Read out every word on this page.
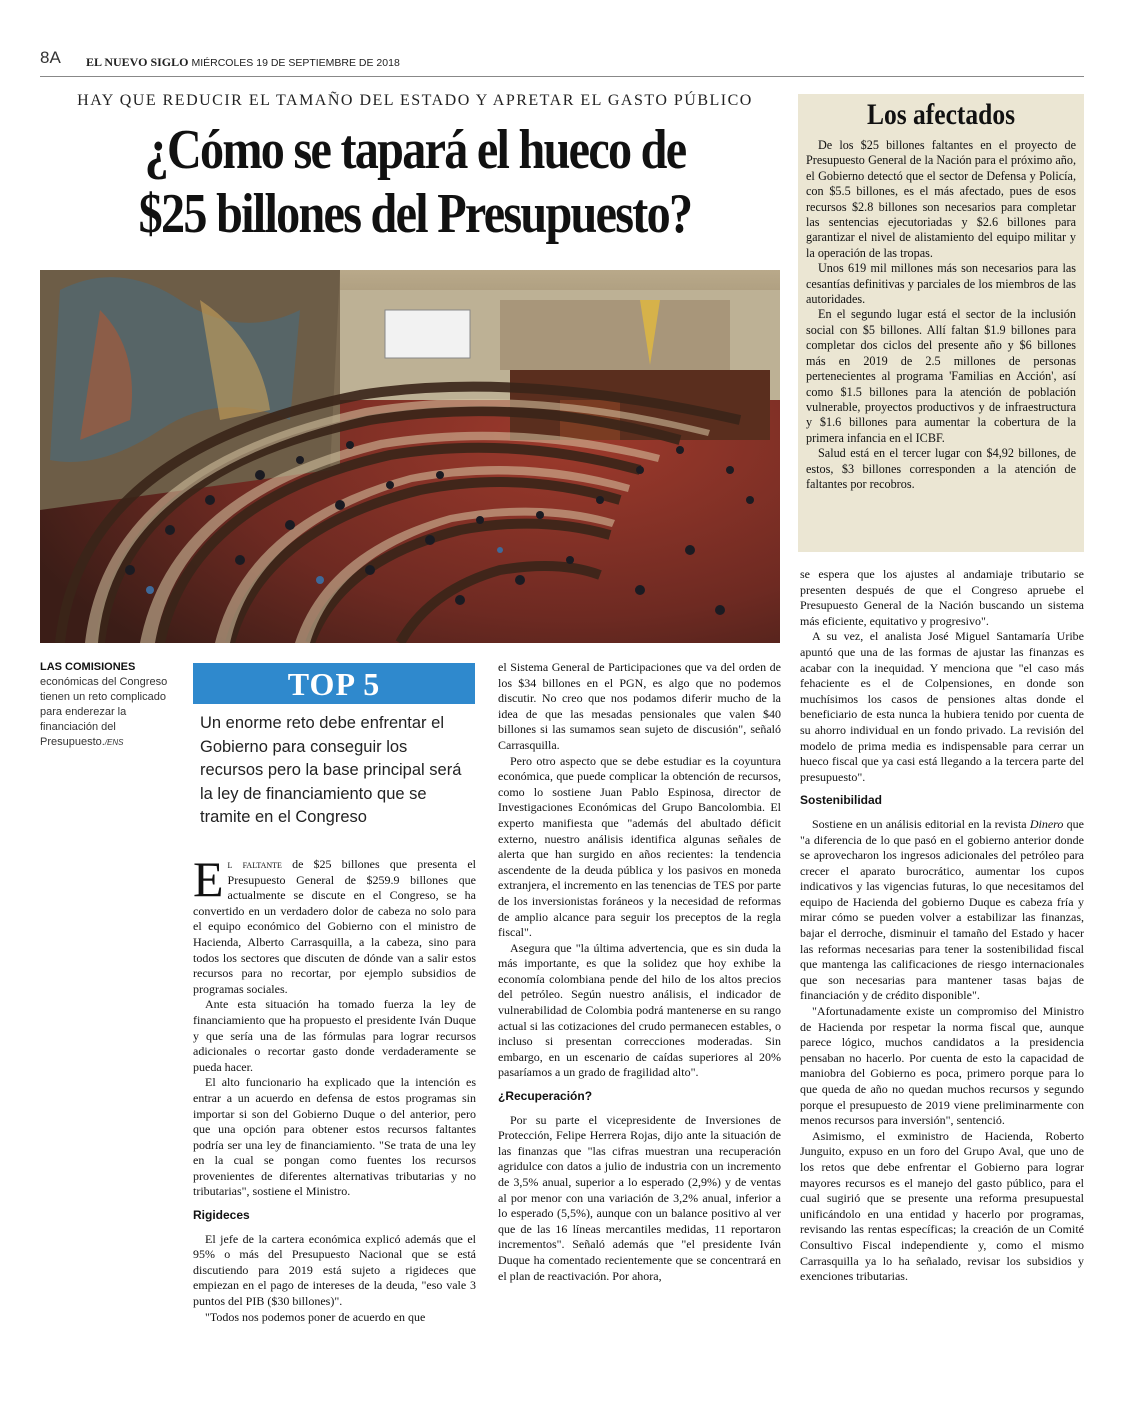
8A EL NUEVO SIGLO MIÉRCOLES 19 DE SEPTIEMBRE DE 2018
HAY QUE REDUCIR EL TAMAÑO DEL ESTADO Y APRETAR EL GASTO PÚBLICO
¿Cómo se tapará el hueco de
$25 billones del Presupuesto?
LAS COMISIONES
económicas del Congreso tienen un reto complicado para enderezar la financiación del Presupuesto./ENS
Los afectados

De los $25 billones faltantes en el proyecto de Presupuesto General de la Nación para el próximo año, el Gobierno detectó que el sector de Defensa y Policía, con $5.5 billones, es el más afectado, pues de esos recursos $2.8 billones son necesarios para completar las sentencias ejecutoriadas y $2.6 billones para garantizar el nivel de alistamiento del equipo militar y la operación de las tropas.

Unos 619 mil millones más son necesarios para las cesantías definitivas y parciales de los miembros de las autoridades.

En el segundo lugar está el sector de la inclusión social con $5 billones. Allí faltan $1.9 billones para completar dos ciclos del presente año y $6 billones más en 2019 de 2.5 millones de personas pertenecientes al programa 'Familias en Acción', así como $1.5 billones para la atención de población vulnerable, proyectos productivos y de infraestructura y $1.6 billones para aumentar la cobertura de la primera infancia en el ICBF.

Salud está en el tercer lugar con $4,92 billones, de estos, $3 billones corresponden a la atención de faltantes por recobros.

TOP 5
Un enorme reto debe enfrentar el Gobierno para conseguir los recursos pero la base principal será la ley de financiamiento que se tramite en el Congreso

El faltante de $25 billones que presenta el Presupuesto General de $259.9 billones que actualmente se discute en el Congreso, se ha convertido en un verdadero dolor de cabeza no solo para el equipo económico del Gobierno con el ministro de Hacienda, Alberto Carrasquilla, a la cabeza, sino para todos los sectores que discuten de dónde van a salir estos recursos para no recortar, por ejemplo subsidios de programas sociales.

Ante esta situación ha tomado fuerza la ley de financiamiento que ha propuesto el presidente Iván Duque y que sería una de las fórmulas para lograr recursos adicionales o recortar gasto donde verdaderamente se pueda hacer.

El alto funcionario ha explicado que la intención es entrar a un acuerdo en defensa de estos programas sin importar si son del Gobierno Duque o del anterior, pero que una opción para obtener estos recursos faltantes podría ser una ley de financiamiento. "Se trata de una ley en la cual se pongan como fuentes los recursos provenientes de diferentes alternativas tributarias y no tributarias", sostiene el Ministro.

Rigideces

El jefe de la cartera económica explicó además que el 95% o más del Presupuesto Nacional que se está discutiendo para 2019 está sujeto a rigideces que empiezan en el pago de intereses de la deuda, "eso vale 3 puntos del PIB ($30 billones)".

"Todos nos podemos poner de acuerdo en que

el Sistema General de Participaciones que va del orden de los $34 billones en el PGN, es algo que no podemos discutir. No creo que nos podamos diferir mucho de la idea de que las mesadas pensionales que valen $40 billones si las sumamos sean sujeto de discusión", señaló Carrasquilla.

Pero otro aspecto que se debe estudiar es la coyuntura económica, que puede complicar la obtención de recursos, como lo sostiene Juan Pablo Espinosa, director de Investigaciones Económicas del Grupo Bancolombia. El experto manifiesta que "además del abultado déficit externo, nuestro análisis identifica algunas señales de alerta que han surgido en años recientes: la tendencia ascendente de la deuda pública y los pasivos en moneda extranjera, el incremento en las tenencias de TES por parte de los inversionistas foráneos y la necesidad de reformas de amplio alcance para seguir los preceptos de la regla fiscal".

Asegura que "la última advertencia, que es sin duda la más importante, es que la solidez que hoy exhibe la economía colombiana pende del hilo de los altos precios del petróleo. Según nuestro análisis, el indicador de vulnerabilidad de Colombia podrá mantenerse en su rango actual si las cotizaciones del crudo permanecen estables, o incluso si presentan correcciones moderadas. Sin embargo, en un escenario de caídas superiores al 20% pasaríamos a un grado de fragilidad alto".

¿Recuperación?

Por su parte el vicepresidente de Inversiones de Protección, Felipe Herrera Rojas, dijo ante la situación de las finanzas que "las cifras muestran una recuperación agridulce con datos a julio de industria con un incremento de 3,5% anual, superior a lo esperado (2,9%) y de ventas al por menor con una variación de 3,2% anual, inferior a lo esperado (5,5%), aunque con un balance positivo al ver que de las 16 líneas mercantiles medidas, 11 reportaron incrementos". Señaló además que "el presidente Iván Duque ha comentado recientemente que se concentrará en el plan de reactivación. Por ahora,

se espera que los ajustes al andamiaje tributario se presenten después de que el Congreso apruebe el Presupuesto General de la Nación buscando un sistema más eficiente, equitativo y progresivo".

A su vez, el analista José Miguel Santamaría Uribe apuntó que una de las formas de ajustar las finanzas es acabar con la inequidad. Y menciona que "el caso más fehaciente es el de Colpensiones, en donde son muchísimos los casos de pensiones altas donde el beneficiario de esta nunca la hubiera tenido por cuenta de su ahorro individual en un fondo privado. La revisión del modelo de prima media es indispensable para cerrar un hueco fiscal que ya casi está llegando a la tercera parte del presupuesto".

Sostenibilidad

Sostiene en un análisis editorial en la revista Dinero que "a diferencia de lo que pasó en el gobierno anterior donde se aprovecharon los ingresos adicionales del petróleo para crecer el aparato burocrático, aumentar los cupos indicativos y las vigencias futuras, lo que necesitamos del equipo de Hacienda del gobierno Duque es cabeza fría y mirar cómo se pueden volver a estabilizar las finanzas, bajar el derroche, disminuir el tamaño del Estado y hacer las reformas necesarias para tener la sostenibilidad fiscal que mantenga las calificaciones de riesgo internacionales que son necesarias para mantener tasas bajas de financiación y de crédito disponible".

"Afortunadamente existe un compromiso del Ministro de Hacienda por respetar la norma fiscal que, aunque parece lógico, muchos candidatos a la presidencia pensaban no hacerlo. Por cuenta de esto la capacidad de maniobra del Gobierno es poca, primero porque para lo que queda de año no quedan muchos recursos y segundo porque el presupuesto de 2019 viene preliminarmente con menos recursos para inversión", sentenció.

Asimismo, el exministro de Hacienda, Roberto Junguito, expuso en un foro del Grupo Aval, que uno de los retos que debe enfrentar el Gobierno para lograr mayores recursos es el manejo del gasto público, para el cual sugirió que se presente una reforma presupuestal unificándolo en una entidad y hacerlo por programas, revisando las rentas específicas; la creación de un Comité Consultivo Fiscal independiente y, como el mismo Carrasquilla ya lo ha señalado, revisar los subsidios y exenciones tributarias.
